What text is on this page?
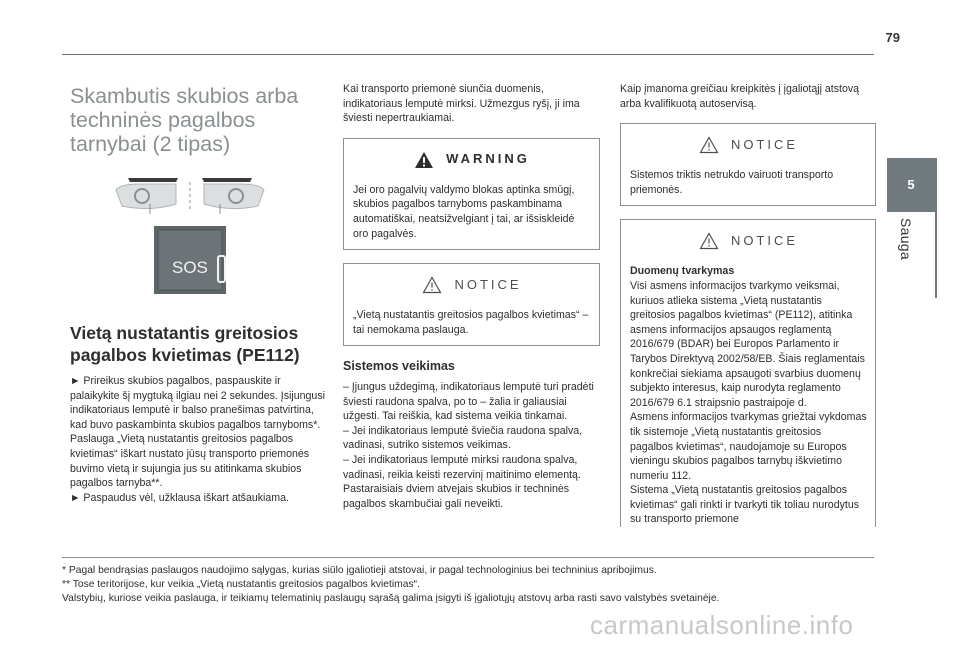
79
5
Sauga
Skambutis skubios arba techninės pagalbos tarnybai (2 tipas)
SOS
Vietą nustatantis greitosios pagalbos kvietimas (PE112)

► Prireikus skubios pagalbos, paspauskite ir palaikykite šį mygtuką ilgiau nei 2 sekundes. Įsijungusi indikatoriaus lemputė ir balso pranešimas patvirtina, kad buvo paskambinta skubios pagalbos tarnyboms*.

Paslauga „Vietą nustatantis greitosios pagalbos kvietimas“ iškart nustato jūsų transporto priemonės buvimo vietą ir sujungia jus su atitinkama skubios pagalbos tarnyba**.

► Paspaudus vėl, užklausa iškart atšaukiama.

Kai transporto priemonė siunčia duomenis, indikatoriaus lemputė mirksi. Užmezgus ryšį, ji ima šviesti nepertraukiamai.

WARNING

Jei oro pagalvių valdymo blokas aptinka smūgį, skubios pagalbos tarnyboms paskambinama automatiškai, neatsižvelgiant į tai, ar išsiskleidė oro pagalvės.

NOTICE

„Vietą nustatantis greitosios pagalbos kvietimas“ – tai nemokama paslauga.

Sistemos veikimas

– Įjungus uždegimą, indikatoriaus lemputė turi pradėti šviesti raudona spalva, po to – žalia ir galiausiai užgesti. Tai reiškia, kad sistema veikia tinkamai.

– Jei indikatoriaus lemputė šviečia raudona spalva, vadinasi, sutriko sistemos veikimas.

– Jei indikatoriaus lemputė mirksi raudona spalva, vadinasi, reikia keisti rezervinį maitinimo elementą.

Pastaraisiais dviem atvejais skubios ir techninės pagalbos skambučiai gali neveikti.

Kaip įmanoma greičiau kreipkitės į įgaliotąjį atstovą arba kvalifikuotą autoservisą.

NOTICE

Sistemos triktis netrukdo vairuoti transporto priemonės.

NOTICE

Duomenų tvarkymas

Visi asmens informacijos tvarkymo veiksmai, kuriuos atlieka sistema „Vietą nustatantis greitosios pagalbos kvietimas“ (PE112), atitinka asmens informacijos apsaugos reglamentą 2016/679 (BDAR) bei Europos Parlamento ir Tarybos Direktyvą 2002/58/EB. Šiais reglamentais konkrečiai siekiama apsaugoti svarbius duomenų subjekto interesus, kaip nurodyta reglamento 2016/679 6.1 straipsnio pastraipoje d.

Asmens informacijos tvarkymas griežtai vykdomas tik sistemoje „Vietą nustatantis greitosios pagalbos kvietimas“, naudojamoje su Europos vieningu skubios pagalbos tarnybų iškvietimo numeriu 112.

Sistema „Vietą nustatantis greitosios pagalbos kvietimas“ gali rinkti ir tvarkyti tik toliau nurodytus su transporto priemone

* Pagal bendrąsias paslaugos naudojimo sąlygas, kurias siūlo įgaliotieji atstovai, ir pagal technologinius bei techninius apribojimus.

** Tose teritorijose, kur veikia „Vietą nustatantis greitosios pagalbos kvietimas“.

Valstybių, kuriose veikia paslauga, ir teikiamų telematinių paslaugų sąrašą galima įsigyti iš įgaliotųjų atstovų arba rasti savo valstybės svetainėje.

carmanualsonline.info
